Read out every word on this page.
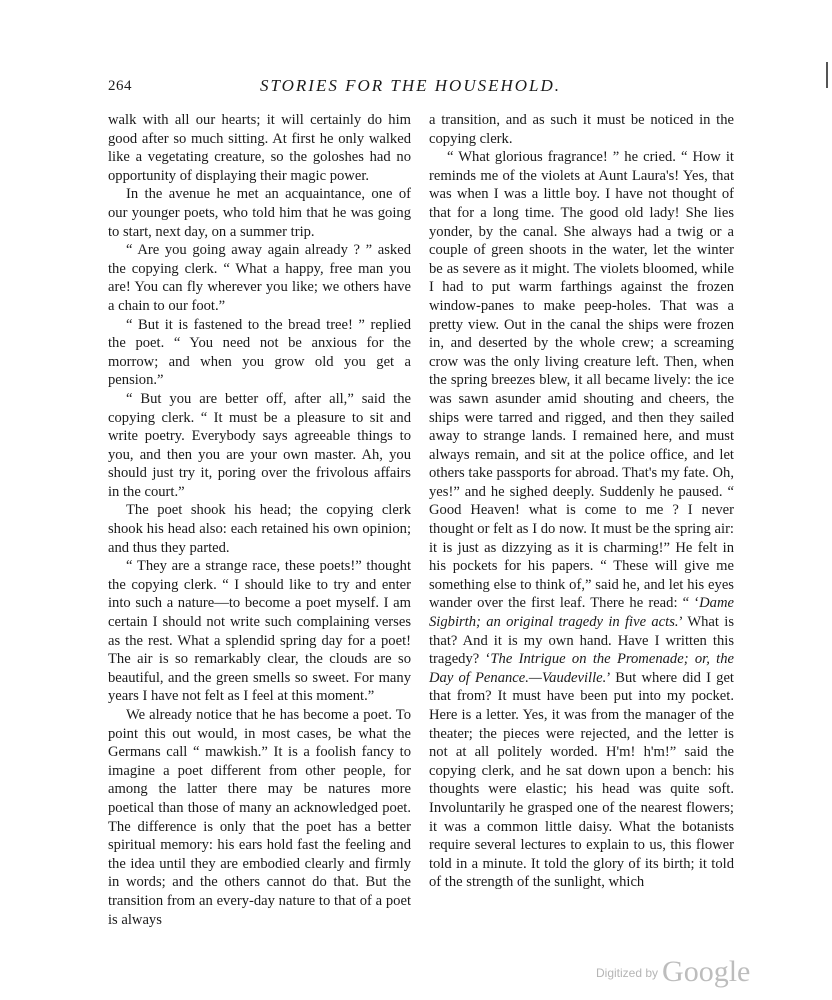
264	STORIES FOR THE HOUSEHOLD.

walk with all our hearts; it will certainly do him good after so much sitting. At first he only walked like a vegetating creature, so the goloshes had no opportunity of displaying their magic power.

In the avenue he met an acquaintance, one of our younger poets, who told him that he was going to start, next day, on a summer trip.

“ Are you going away again already ? ” asked the copying clerk. “ What a happy, free man you are! You can fly wherever you like; we others have a chain to our foot.”

“ But it is fastened to the bread tree! ” replied the poet. “ You need not be anxious for the morrow; and when you grow old you get a pension.”

“ But you are better off, after all,” said the copying clerk. “ It must be a pleasure to sit and write poetry. Everybody says agreeable things to you, and then you are your own master. Ah, you should just try it, poring over the frivolous affairs in the court.”

The poet shook his head; the copying clerk shook his head also: each retained his own opinion; and thus they parted.

“ They are a strange race, these poets!” thought the copying clerk. “ I should like to try and enter into such a nature—to become a poet myself. I am certain I should not write such complaining verses as the rest. What a splendid spring day for a poet! The air is so remarkably clear, the clouds are so beautiful, and the green smells so sweet. For many years I have not felt as I feel at this moment.”

We already notice that he has become a poet. To point this out would, in most cases, be what the Germans call “ mawkish.” It is a foolish fancy to imagine a poet different from other people, for among the latter there may be natures more poetical than those of many an acknowledged poet. The difference is only that the poet has a better spiritual memory: his ears hold fast the feeling and the idea until they are embodied clearly and firmly in words; and the others cannot do that. But the transition from an every-day nature to that of a poet is always

a transition, and as such it must be noticed in the copying clerk.

“ What glorious fragrance! ” he cried. “ How it reminds me of the violets at Aunt Laura's! Yes, that was when I was a little boy. I have not thought of that for a long time. The good old lady! She lies yonder, by the canal. She always had a twig or a couple of green shoots in the water, let the winter be as severe as it might. The violets bloomed, while I had to put warm farthings against the frozen window-panes to make peep-holes. That was a pretty view. Out in the canal the ships were frozen in, and deserted by the whole crew; a screaming crow was the only living creature left. Then, when the spring breezes blew, it all became lively: the ice was sawn asunder amid shouting and cheers, the ships were tarred and rigged, and then they sailed away to strange lands. I remained here, and must always remain, and sit at the police office, and let others take passports for abroad. That's my fate. Oh, yes!” and he sighed deeply. Suddenly he paused. “ Good Heaven! what is come to me ? I never thought or felt as I do now. It must be the spring air: it is just as dizzying as it is charming!” He felt in his pockets for his papers. “ These will give me something else to think of,” said he, and let his eyes wander over the first leaf. There he read: “ ‘Dame Sigbirth; an original tragedy in five acts.’ What is that? And it is my own hand. Have I written this tragedy? ‘The Intrigue on the Promenade; or, the Day of Penance.—Vaudeville.’ But where did I get that from? It must have been put into my pocket. Here is a letter. Yes, it was from the manager of the theater; the pieces were rejected, and the letter is not at all politely worded. H'm! h'm!” said the copying clerk, and he sat down upon a bench: his thoughts were elastic; his head was quite soft. Involuntarily he grasped one of the nearest flowers; it was a common little daisy. What the botanists require several lectures to explain to us, this flower told in a minute. It told the glory of its birth; it told of the strength of the sunlight, which

$^{Digitized by}$ Google
